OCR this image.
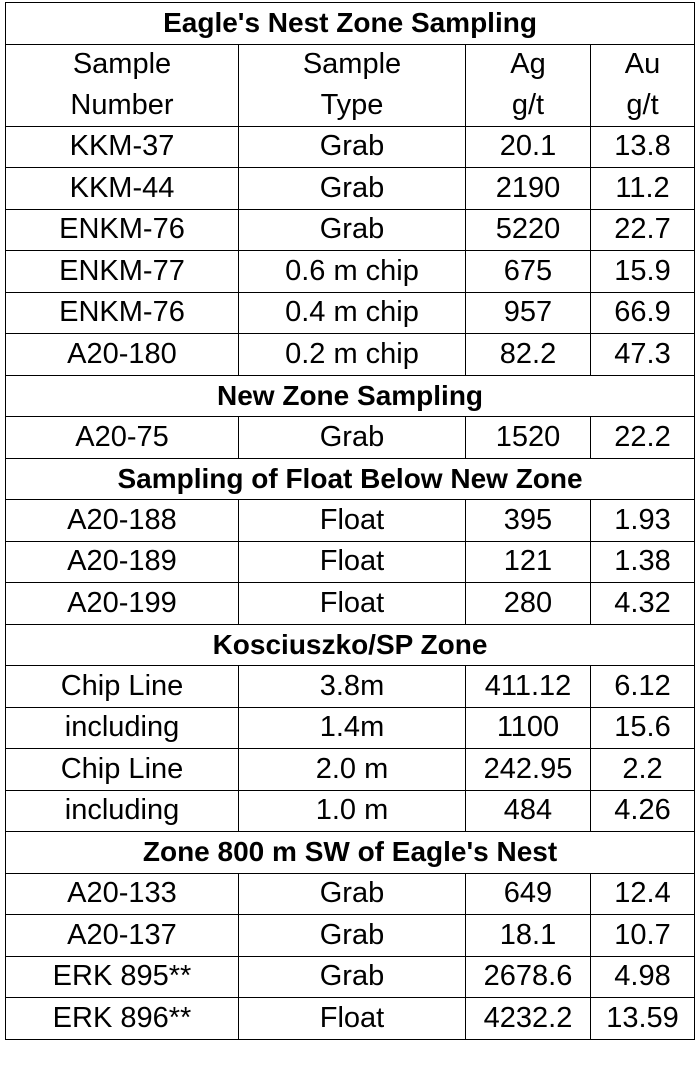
Eagle's Nest Zone Sampling			
Sample	Sample	Ag	Au
Number	Type	g/t	g/t
KKM-37	Grab	20.1	13.8
KKM-44	Grab	2190	11.2
ENKM-76	Grab	5220	22.7
ENKM-77	0.6 m chip	675	15.9
ENKM-76	0.4 m chip	957	66.9
A20-180	0.2 m chip	82.2	47.3
New Zone Sampling			
A20-75	Grab	1520	22.2
Sampling of Float Below New Zone			
A20-188	Float	395	1.93
A20-189	Float	121	1.38
A20-199	Float	280	4.32
Kosciuszko/SP Zone			
Chip Line	3.8m	411.12	6.12
including	1.4m	1100	15.6
Chip Line	2.0 m	242.95	2.2
including	1.0 m	484	4.26
Zone 800 m SW of Eagle's Nest			
A20-133	Grab	649	12.4
A20-137	Grab	18.1	10.7
ERK 895**	Grab	2678.6	4.98
ERK 896**	Float	4232.2	13.59
